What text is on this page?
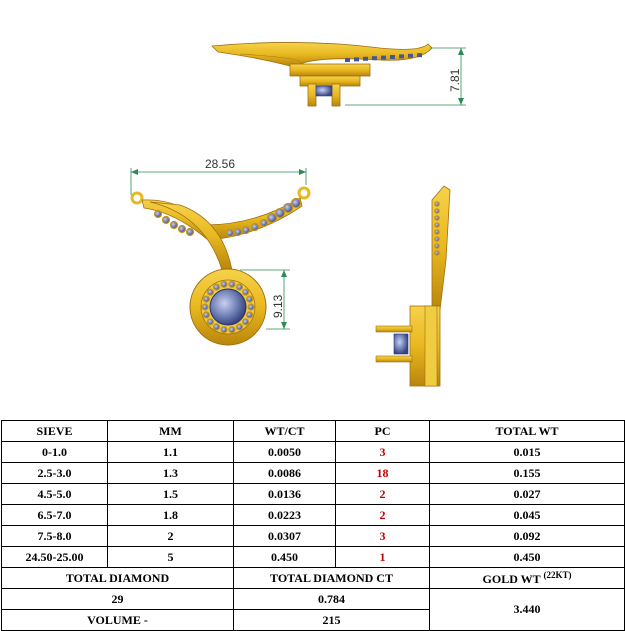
7.81
28.56
9.13
SIEVE	MM	WT/CT	PC	TOTAL WT
0-1.0	1.1	0.0050	3	0.015
2.5-3.0	1.3	0.0086	18	0.155
4.5-5.0	1.5	0.0136	2	0.027
6.5-7.0	1.8	0.0223	2	0.045
7.5-8.0	2	0.0307	3	0.092
24.50-25.00	5	0.450	1	0.450
TOTAL DIAMOND		TOTAL DIAMOND CT		GOLD WT $^{(22KT)}$
29		0.784		3.440
VOLUME -		215		
